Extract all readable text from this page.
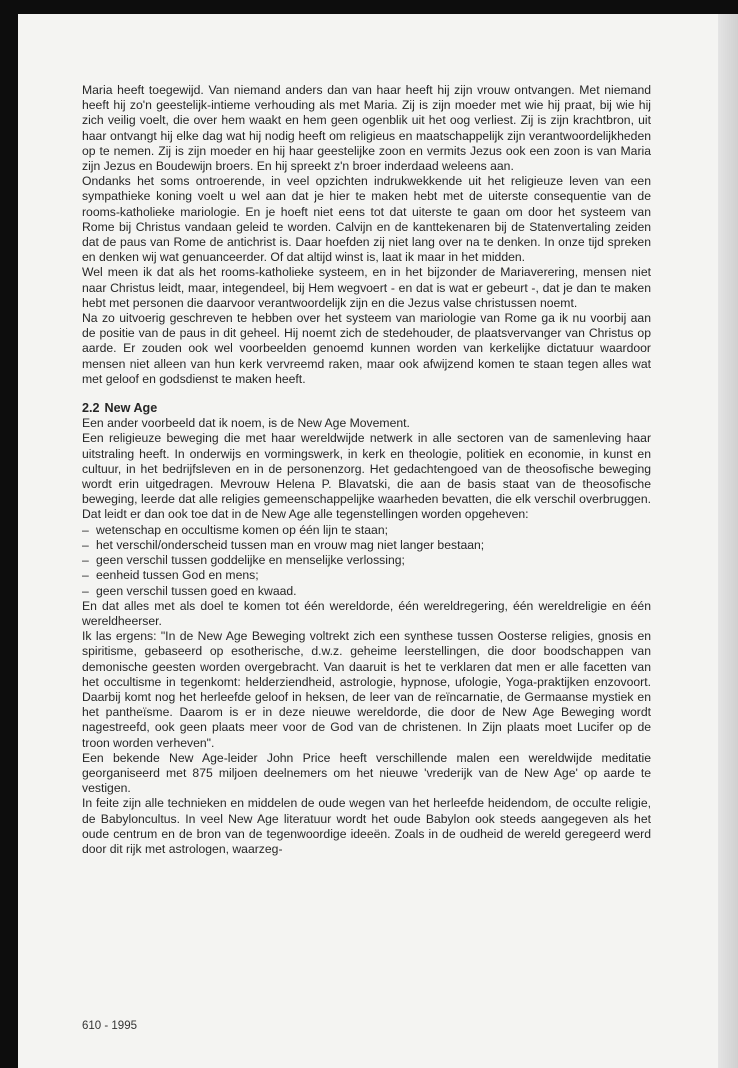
Maria heeft toegewijd. Van niemand anders dan van haar heeft hij zijn vrouw ontvangen. Met niemand heeft hij zo'n geestelijk-intieme verhouding als met Maria. Zij is zijn moeder met wie hij praat, bij wie hij zich veilig voelt, die over hem waakt en hem geen ogenblik uit het oog verliest. Zij is zijn krachtbron, uit haar ontvangt hij elke dag wat hij nodig heeft om religieus en maatschappelijk zijn verantwoordelijkheden op te nemen. Zij is zijn moeder en hij haar geestelijke zoon en vermits Jezus ook een zoon is van Maria zijn Jezus en Boudewijn broers. En hij spreekt z'n broer inderdaad weleens aan.

Ondanks het soms ontroerende, in veel opzichten indrukwekkende uit het religieuze leven van een sympathieke koning voelt u wel aan dat je hier te maken hebt met de uiterste consequentie van de rooms-katholieke mariologie. En je hoeft niet eens tot dat uiterste te gaan om door het systeem van Rome bij Christus vandaan geleid te worden. Calvijn en de kanttekenaren bij de Statenvertaling zeiden dat de paus van Rome de antichrist is. Daar hoefden zij niet lang over na te denken. In onze tijd spreken en denken wij wat genuanceerder. Of dat altijd winst is, laat ik maar in het midden.

Wel meen ik dat als het rooms-katholieke systeem, en in het bijzonder de Mariaverering, mensen niet naar Christus leidt, maar, integendeel, bij Hem wegvoert - en dat is wat er gebeurt -, dat je dan te maken hebt met personen die daarvoor verantwoordelijk zijn en die Jezus valse christussen noemt.

Na zo uitvoerig geschreven te hebben over het systeem van mariologie van Rome ga ik nu voorbij aan de positie van de paus in dit geheel. Hij noemt zich de stedehouder, de plaatsvervanger van Christus op aarde. Er zouden ook wel voorbeelden genoemd kunnen worden van kerkelijke dictatuur waardoor mensen niet alleen van hun kerk vervreemd raken, maar ook afwijzend komen te staan tegen alles wat met geloof en godsdienst te maken heeft.

2.2 New Age

Een ander voorbeeld dat ik noem, is de New Age Movement.

Een religieuze beweging die met haar wereldwijde netwerk in alle sectoren van de samenleving haar uitstraling heeft. In onderwijs en vormingswerk, in kerk en theologie, politiek en economie, in kunst en cultuur, in het bedrijfsleven en in de personenzorg. Het gedachtengoed van de theosofische beweging wordt erin uitgedragen. Mevrouw Helena P. Blavatski, die aan de basis staat van de theosofische beweging, leerde dat alle religies gemeenschappelijke waarheden bevatten, die elk verschil overbruggen. Dat leidt er dan ook toe dat in de New Age alle tegenstellingen worden opgeheven:

– wetenschap en occultisme komen op één lijn te staan;
– het verschil/onderscheid tussen man en vrouw mag niet langer bestaan;
– geen verschil tussen goddelijke en menselijke verlossing;
– eenheid tussen God en mens;
– geen verschil tussen goed en kwaad.

En dat alles met als doel te komen tot één wereldorde, één wereldregering, één wereldreligie en één wereldheerser.

Ik las ergens: "In de New Age Beweging voltrekt zich een synthese tussen Oosterse religies, gnosis en spiritisme, gebaseerd op esotherische, d.w.z. geheime leerstellingen, die door boodschappen van demonische geesten worden overgebracht. Van daaruit is het te verklaren dat men er alle facetten van het occultisme in tegenkomt: helderziendheid, astrologie, hypnose, ufologie, Yoga-praktijken enzovoort. Daarbij komt nog het herleefde geloof in heksen, de leer van de reïncarnatie, de Germaanse mystiek en het pantheïsme. Daarom is er in deze nieuwe wereldorde, die door de New Age Beweging wordt nagestreefd, ook geen plaats meer voor de God van de christenen. In Zijn plaats moet Lucifer op de troon worden verheven".

Een bekende New Age-leider John Price heeft verschillende malen een wereldwijde meditatie georganiseerd met 875 miljoen deelnemers om het nieuwe 'vrederijk van de New Age' op aarde te vestigen.

In feite zijn alle technieken en middelen de oude wegen van het herleefde heidendom, de occulte religie, de Babyloncultus. In veel New Age literatuur wordt het oude Babylon ook steeds aangegeven als het oude centrum en de bron van de tegenwoordige ideeën. Zoals in de oudheid de wereld geregeerd werd door dit rijk met astrologen, waarzeg-

610 - 1995
